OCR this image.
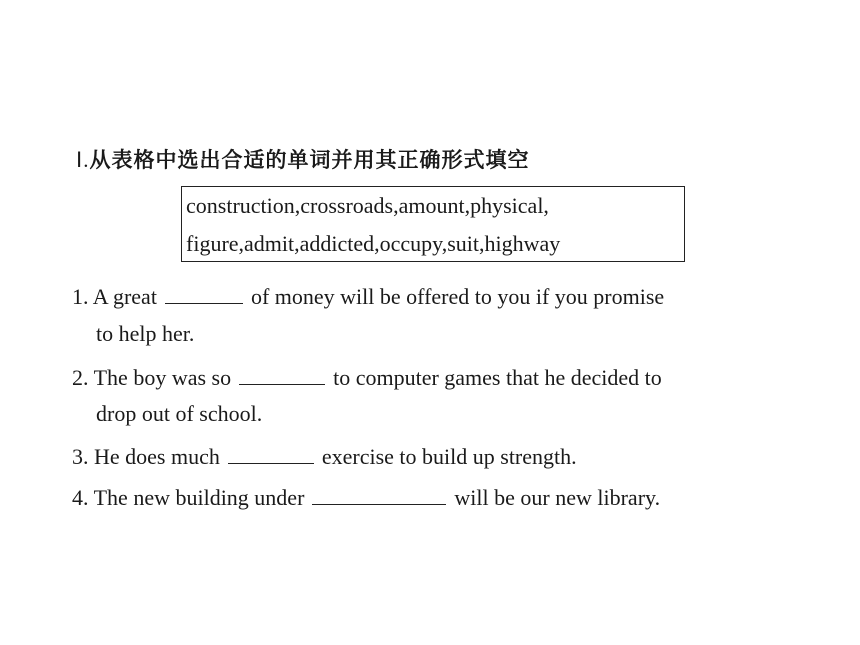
Ⅰ.从表格中选出合适的单词并用其正确形式填空
construction,crossroads,amount,physical,
figure,admit,addicted,occupy,suit,highway
1. A great	of money will be offered to you if you promise
to help her.
2. The boy was so	to computer games that he decided to
drop out of school.
3. He does much	exercise to build up strength.
4. The new building under	will be our new library.
